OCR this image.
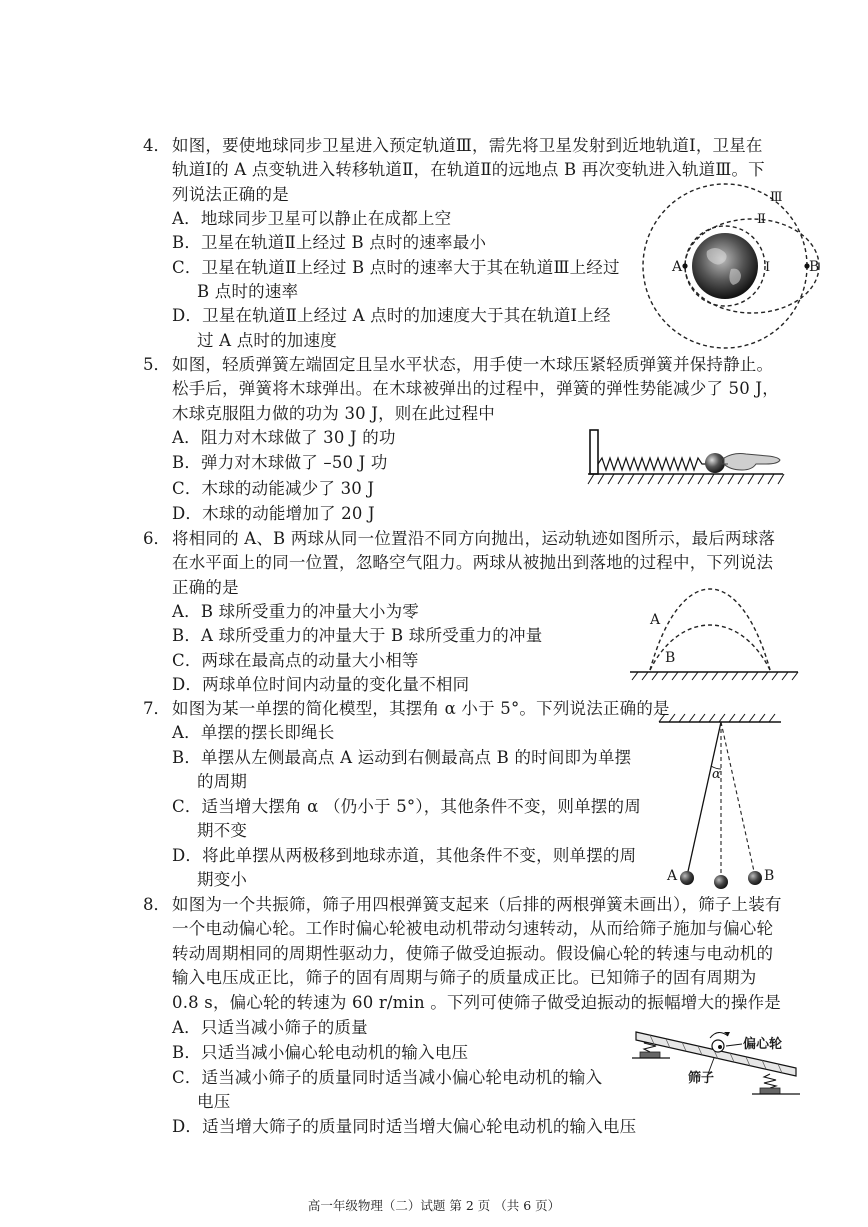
4． 如图，要使地球同步卫星进入预定轨道Ⅲ，需先将卫星发射到近地轨道Ⅰ，卫星在
轨道Ⅰ的 A 点变轨进入转移轨道Ⅱ，在轨道Ⅱ的远地点 B 再次变轨进入轨道Ⅲ。下
列说法正确的是
A．地球同步卫星可以静止在成都上空
B．卫星在轨道Ⅱ上经过 B 点时的速率最小
C．卫星在轨道Ⅱ上经过 B 点时的速率大于其在轨道Ⅲ上经过
B 点时的速率
D．卫星在轨道Ⅱ上经过 A 点时的加速度大于其在轨道Ⅰ上经
过 A 点时的加速度
A	B
Ⅰ
Ⅱ
Ⅲ
5． 如图，轻质弹簧左端固定且呈水平状态，用手使一木球压紧轻质弹簧并保持静止。
松手后，弹簧将木球弹出。在木球被弹出的过程中，弹簧的弹性势能减少了 50 J，
木球克服阻力做的功为 30 J，则在此过程中
A．阻力对木球做了 30 J 的功
B．弹力对木球做了 –50 J 功
C．木球的动能减少了 30 J
D．木球的动能增加了 20 J
6． 将相同的 A、B 两球从同一位置沿不同方向抛出，运动轨迹如图所示，最后两球落
在水平面上的同一位置，忽略空气阻力。两球从被抛出到落地的过程中，下列说法
正确的是
A．B 球所受重力的冲量大小为零
B．A 球所受重力的冲量大于 B 球所受重力的冲量
C．两球在最高点的动量大小相等
D．两球单位时间内动量的变化量不相同
A
B
7． 如图为某一单摆的简化模型，其摆角 α 小于 5°。下列说法正确的是
A．单摆的摆长即绳长
B．单摆从左侧最高点 A 运动到右侧最高点 B 的时间即为单摆
的周期
C．适当增大摆角 α （仍小于 5°），其他条件不变，则单摆的周
期不变
D．将此单摆从两极移到地球赤道，其他条件不变，则单摆的周
期变小
α
A	B
8． 如图为一个共振筛，筛子用四根弹簧支起来（后排的两根弹簧未画出），筛子上装有
一个电动偏心轮。工作时偏心轮被电动机带动匀速转动，从而给筛子施加与偏心轮
转动周期相同的周期性驱动力，使筛子做受迫振动。假设偏心轮的转速与电动机的
输入电压成正比，筛子的固有周期与筛子的质量成正比。已知筛子的固有周期为
0.8 s，偏心轮的转速为 60 r/min 。下列可使筛子做受迫振动的振幅增大的操作是
A．只适当减小筛子的质量
B．只适当减小偏心轮电动机的输入电压
C．适当减小筛子的质量同时适当减小偏心轮电动机的输入
电压
D．适当增大筛子的质量同时适当增大偏心轮电动机的输入电压
偏心轮
筛子
高一年级物理（二）试题 第 2 页 （共 6 页）
